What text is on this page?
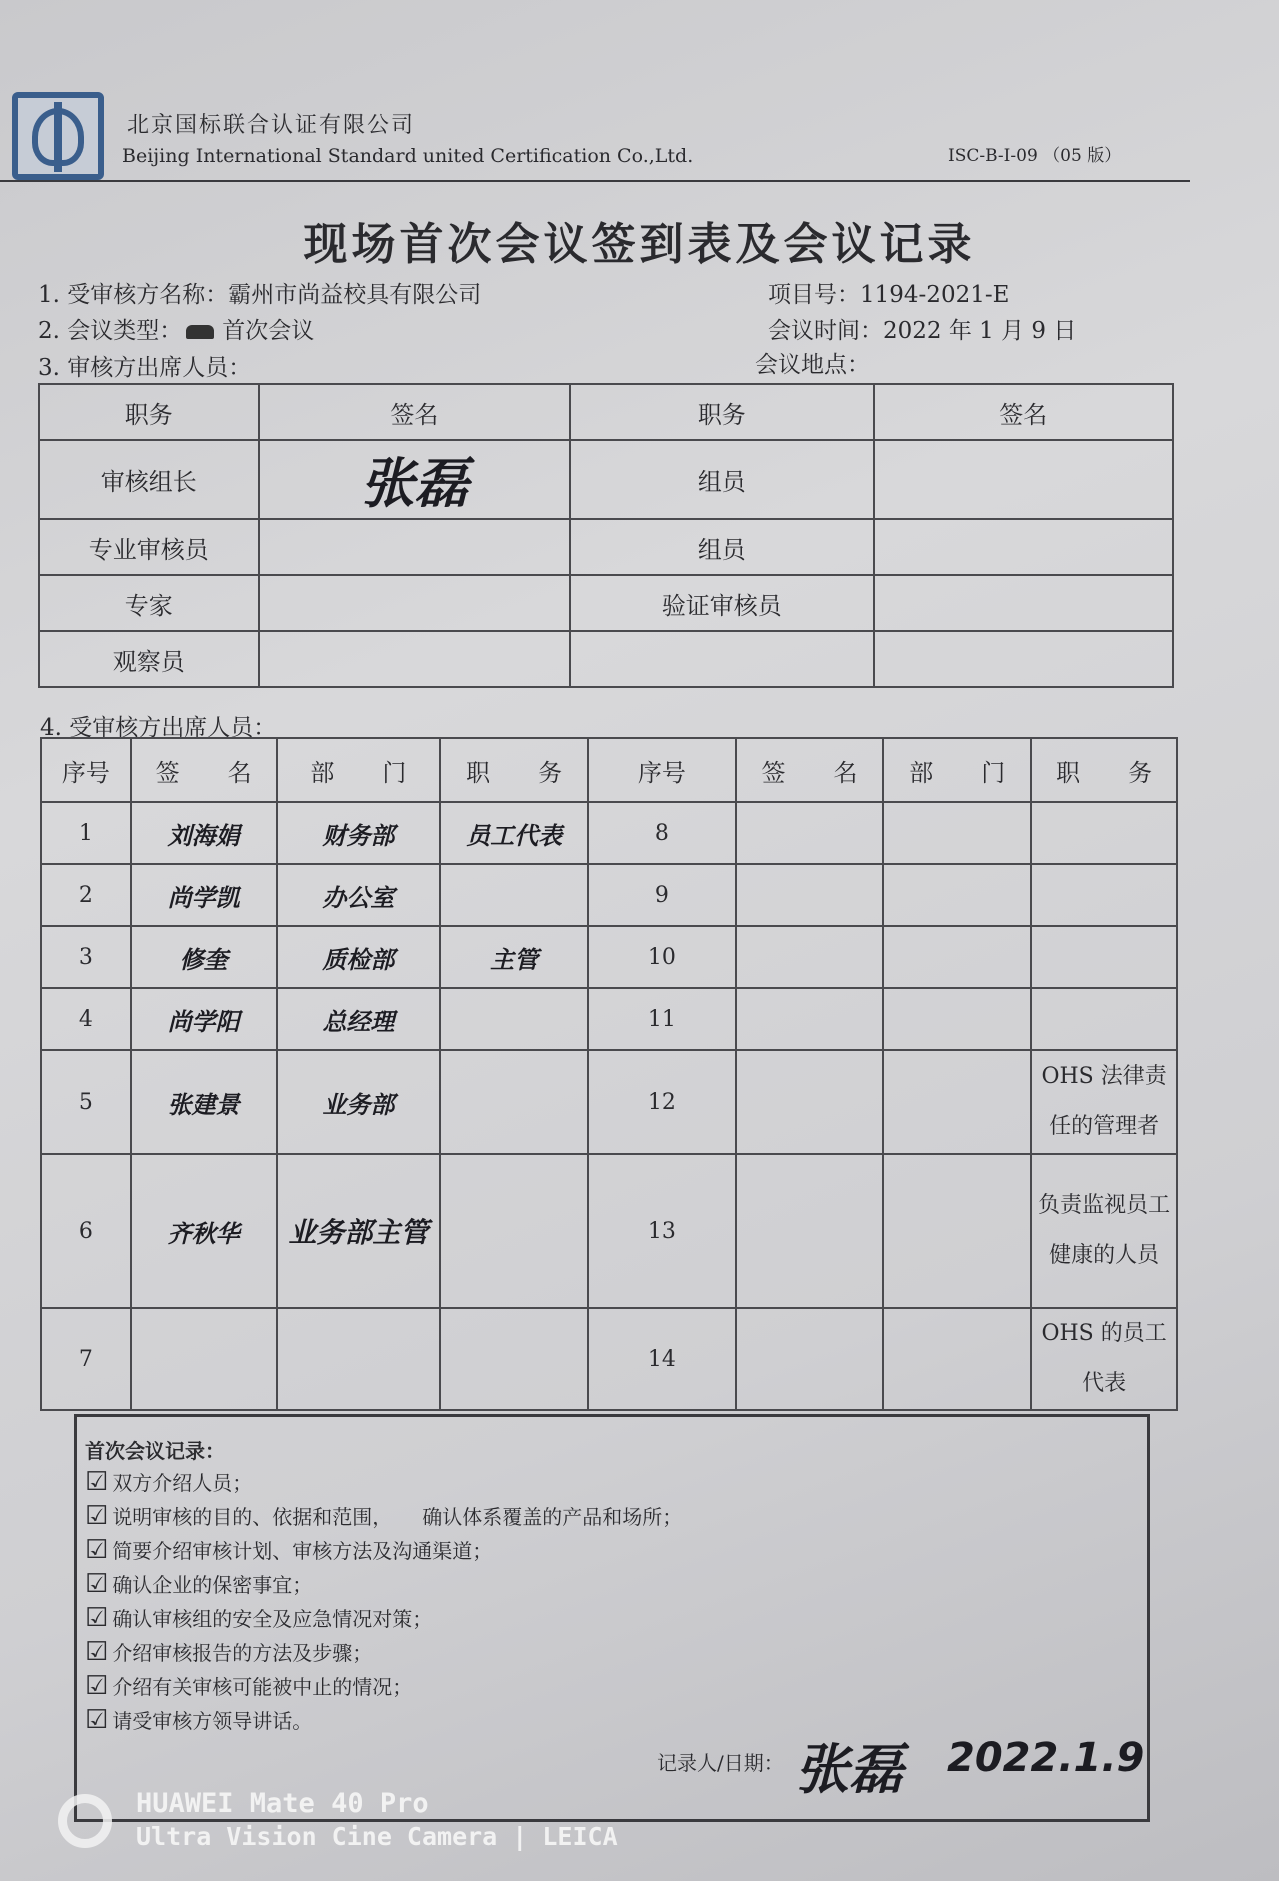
北京国标联合认证有限公司
Beijing International Standard united Certification Co.,Ltd.	ISC-B-I-09 （05 版）
现场首次会议签到表及会议记录
1. 受审核方名称：霸州市尚益校具有限公司	项目号：1194-2021-E
2. 会议类型： 首次会议	会议时间：2022 年 1 月 9 日
3. 审核方出席人员：	会议地点：
职务	签名	职务	签名
审核组长	张磊	组员	
专业审核员		组员	
专家		验证审核员	
观察员			
4. 受审核方出席人员：
序号	签　　名	部　　门	职　　务	序号	签　　名	部　　门	职　　务
1	刘海娟	财务部	员工代表	8			
2	尚学凯	办公室		9			
3	修奎	质检部	主管	10			
4	尚学阳	总经理		11			
5	张建景	业务部		12			OHS 法律责任的管理者
6	齐秋华	业务部主管		13			负责监视员工健康的人员
7				14			OHS 的员工代表
首次会议记录：
☑ 双方介绍人员；
☑ 说明审核的目的、依据和范围，　　确认体系覆盖的产品和场所；
☑ 简要介绍审核计划、审核方法及沟通渠道；
☑ 确认企业的保密事宜；
☑ 确认审核组的安全及应急情况对策；
☑ 介绍审核报告的方法及步骤；
☑ 介绍有关审核可能被中止的情况；
☑ 请受审核方领导讲话。
记录人/日期： 张磊 2022.1.9
HUAWEI Mate 40 Pro
Ultra Vision Cine Camera | LEICA
